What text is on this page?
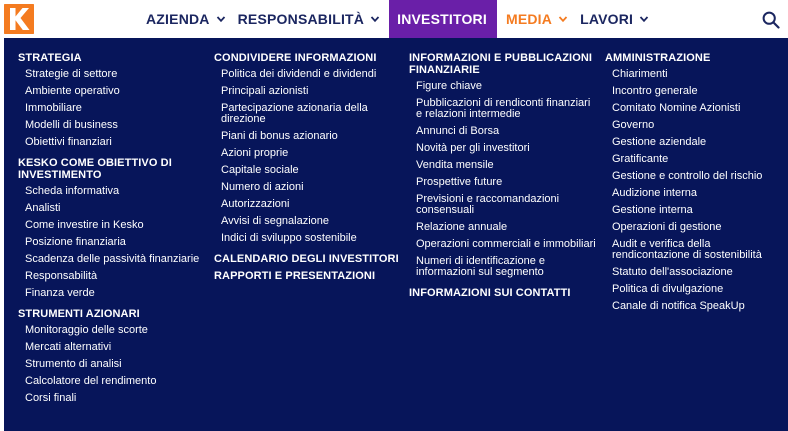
AZIENDA RESPONSABILITÀ INVESTITORI MEDIA LAVORI
STRATEGIA
Strategie di settore
Ambiente operativo
Immobiliare
Modelli di business
Obiettivi finanziari
KESKO COME OBIETTIVO DI INVESTIMENTO
Scheda informativa
Analisti
Come investire in Kesko
Posizione finanziaria
Scadenza delle passività finanziarie
Responsabilità
Finanza verde
STRUMENTI AZIONARI
Monitoraggio delle scorte
Mercati alternativi
Strumento di analisi
Calcolatore del rendimento
Corsi finali
CONDIVIDERE INFORMAZIONI
Politica dei dividendi e dividendi
Principali azionisti
Partecipazione azionaria della direzione
Piani di bonus azionario
Azioni proprie
Capitale sociale
Numero di azioni
Autorizzazioni
Avvisi di segnalazione
Indici di sviluppo sostenibile
CALENDARIO DEGLI INVESTITORI
RAPPORTI E PRESENTAZIONI
INFORMAZIONI E PUBBLICAZIONI FINANZIARIE
Figure chiave
Pubblicazioni di rendiconti finanziari e relazioni intermedie
Annunci di Borsa
Novità per gli investitori
Vendita mensile
Prospettive future
Previsioni e raccomandazioni consensuali
Relazione annuale
Operazioni commerciali e immobiliari
Numeri di identificazione e informazioni sul segmento
INFORMAZIONI SUI CONTATTI
AMMINISTRAZIONE
Chiarimenti
Incontro generale
Comitato Nomine Azionisti
Governo
Gestione aziendale
Gratificante
Gestione e controllo del rischio
Audizione interna
Gestione interna
Operazioni di gestione
Audit e verifica della rendicontazione di sostenibilità
Statuto dell'associazione
Politica di divulgazione
Canale di notifica SpeakUp
